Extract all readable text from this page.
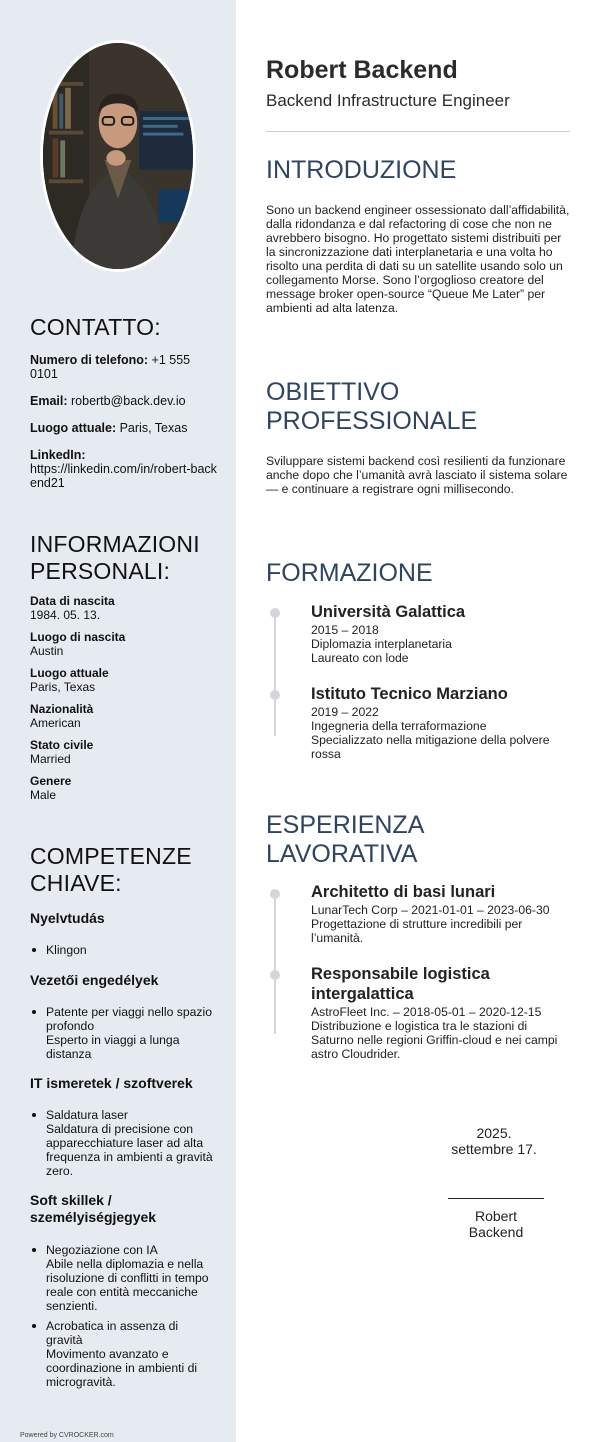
CONTATTO:
Numero di telefono: +1 555 0101
Email: robertb@back.dev.io
Luogo attuale: Paris, Texas
LinkedIn:
https://linkedin.com/in/robert-backend21
INFORMAZIONI PERSONALI:
Data di nascita
1984. 05. 13.
Luogo di nascita
Austin
Luogo attuale
Paris, Texas
Nazionalità
American
Stato civile
Married
Genere
Male
COMPETENZE CHIAVE:
Nyelvtudás
Klingon
Vezetői engedélyek
Patente per viaggi nello spazio profondo
Esperto in viaggi a lunga distanza
IT ismeretek / szoftverek
Saldatura laser
Saldatura di precisione con apparecchiature laser ad alta frequenza in ambienti a gravità zero.
Soft skillek / személyiségjegyek
Negoziazione con IA
Abile nella diplomazia e nella risoluzione di conflitti in tempo reale con entità meccaniche senzienti.
Acrobatica in assenza di gravità
Movimento avanzato e coordinazione in ambienti di microgravità.
Powered by CVROCKER.com
Robert Backend
Backend Infrastructure Engineer
INTRODUZIONE

Sono un backend engineer ossessionato dall’affidabilità, dalla ridondanza e dal refactoring di cose che non ne avrebbero bisogno. Ho progettato sistemi distribuiti per la sincronizzazione dati interplanetaria e una volta ho risolto una perdita di dati su un satellite usando solo un collegamento Morse. Sono l’orgoglioso creatore del message broker open-source “Queue Me Later” per ambienti ad alta latenza.

OBIETTIVO PROFESSIONALE

Sviluppare sistemi backend così resilienti da funzionare anche dopo che l’umanità avrà lasciato il sistema solare — e continuare a registrare ogni millisecondo.

FORMAZIONE
Università Galattica
2015 – 2018
Diplomazia interplanetaria
Laureato con lode
Istituto Tecnico Marziano
2019 – 2022
Ingegneria della terraformazione
Specializzato nella mitigazione della polvere rossa
ESPERIENZA LAVORATIVA
Architetto di basi lunari
LunarTech Corp – 2021-01-01 – 2023-06-30
Progettazione di strutture incredibili per l’umanità.
Responsabile logistica intergalattica
AstroFleet Inc. – 2018-05-01 – 2020-12-15
Distribuzione e logistica tra le stazioni di Saturno nelle regioni Griffin-cloud e nei campi astro Cloudrider.
2025.
settembre 17.
Robert
Backend
